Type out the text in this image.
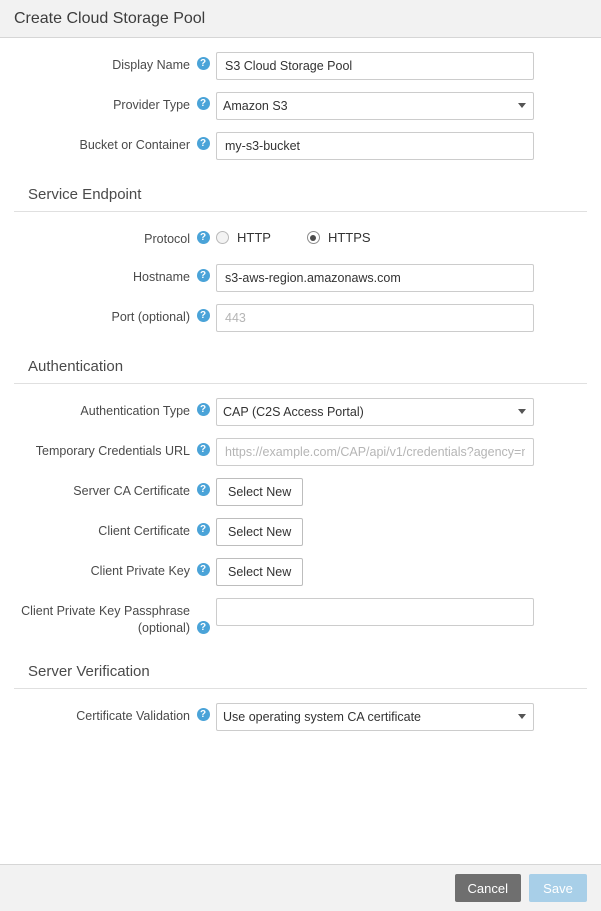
Create Cloud Storage Pool
Display Name ?
S3 Cloud Storage Pool
Provider Type ?
Amazon S3
Bucket or Container ?
my-s3-bucket
Service Endpoint
Protocol ? HTTP	HTTPS
Hostname ?
s3-aws-region.amazonaws.com
Port (optional) ?
443
Authentication
Authentication Type ?
CAP (C2S Access Portal)
Temporary Credentials URL ?
https://example.com/CAP/api/v1/credentials?agency=my
Server CA Certificate ?	Select New
Client Certificate ?	Select New
Client Private Key ?	Select New
Client Private Key Passphrase
(optional) ?
Server Verification
Certificate Validation ?
Use operating system CA certificate
Cancel	Save
